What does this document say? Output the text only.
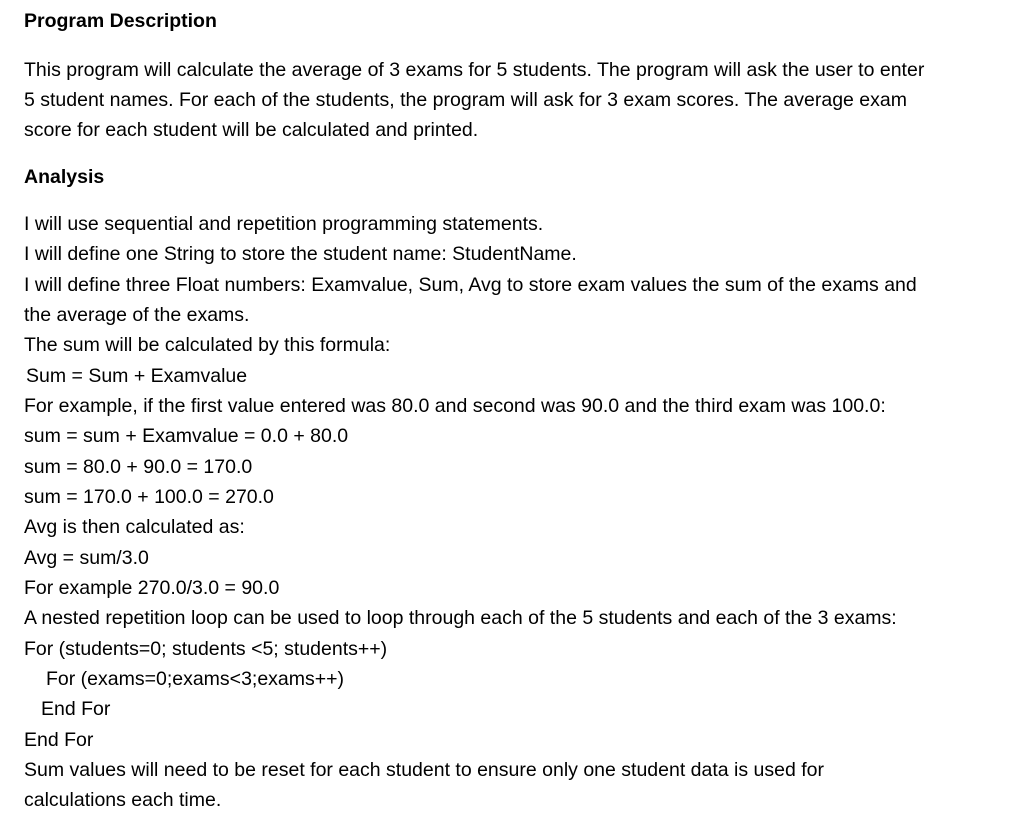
Program Description
This program will calculate the average of 3 exams for 5 students. The program will ask the user to enter
5 student names. For each of the students, the program will ask for 3 exam scores. The average exam
score for each student will be calculated and printed.
Analysis
I will use sequential and repetition programming statements.
I will define one String to store the student name: StudentName.
I will define three Float numbers: Examvalue, Sum, Avg to store exam values the sum of the exams and
the average of the exams.
The sum will be calculated by this formula:
Sum = Sum + Examvalue
For example, if the first value entered was 80.0 and second was 90.0 and the third exam was 100.0:
sum = sum + Examvalue = 0.0 + 80.0
sum = 80.0 + 90.0 = 170.0
sum = 170.0 + 100.0 = 270.0
Avg is then calculated as:
Avg = sum/3.0
For example 270.0/3.0 = 90.0
A nested repetition loop can be used to loop through each of the 5 students and each of the 3 exams:
For (students=0; students <5; students++)
For (exams=0;exams<3;exams++)
End For
End For
Sum values will need to be reset for each student to ensure only one student data is used for
calculations each time.
